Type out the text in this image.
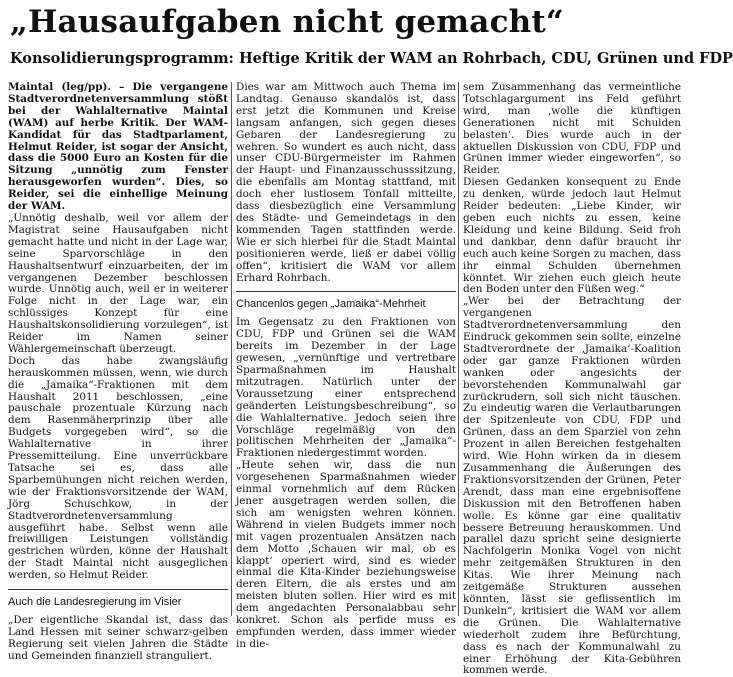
„Hausaufgaben nicht gemacht“
Konsolidierungsprogramm: Heftige Kritik der WAM an Rohrbach, CDU, Grünen und FDP

Maintal (leg/pp). – Die vergangene Stadtverordnetenversammlung stößt bei der Wahlalternative Maintal (WAM) auf herbe Kritik. Der WAM-Kandidat für das Stadtparlament, Helmut Reider, ist sogar der Ansicht, dass die 5000 Euro an Kosten für die Sitzung „unnötig zum Fenster herausgeworfen wurden“. Dies, so Reider, sei die einhellige Meinung der WAM.

„Unnötig deshalb, weil vor allem der Magistrat seine Hausaufgaben nicht gemacht hatte und nicht in der Lage war, seine Sparvorschläge in den Haushaltsentwurf einzuarbeiten, der im vergangenen Dezember beschlossen wurde. Unnötig auch, weil er in weiterer Folge nicht in der Lage war, ein schlüssiges Konzept für eine Haushaltskonsolidierung vorzulegen“, ist Reider im Namen seiner Wählergemeinschaft überzeugt.

Doch das habe zwangsläufig herauskommen müssen, wenn, wie durch die „Jamaika“-Fraktionen mit dem Haushalt 2011 beschlossen, „eine pauschale prozentuale Kürzung nach dem Rasenmäherprinzip über alle Budgets vorgegeben wird“, so die Wahlalternative in ihrer Pressemitteilung. Eine unverrückbare Tatsache sei es, dass alle Sparbemühungen nicht reichen werden, wie der Fraktionsvorsitzende der WAM, Jörg Schuschkow, in der Stadtverordnetenversammlung ausgeführt habe. Selbst wenn alle freiwilligen Leistungen vollständig gestrichen würden, könne der Haushalt der Stadt Maintal nicht ausgeglichen werden, so Helmut Reider.

Auch die Landesregierung im Visier

„Der eigentliche Skandal ist, dass das Land Hessen mit seiner schwarz-gelben Regierung seit vielen Jahren die Städte und Gemeinden finanziell stranguliert.

Dies war am Mittwoch auch Thema im Landtag. Genauso skandalös ist, dass erst jetzt die Kommunen und Kreise langsam anfangen, sich gegen dieses Gebaren der Landesregierung zu wehren. So wundert es auch nicht, dass unser CDU-Bürgermeister im Rahmen der Haupt- und Finanzausschusssitzung, die ebenfalls am Montag stattfand, mit doch eher lustlosem Tonfall mitteilte, dass diesbezüglich eine Versammlung des Städte- und Gemeindetags in den kommenden Tagen stattfinden werde. Wie er sich hierbei für die Stadt Maintal positionieren werde, ließ er dabei völlig offen“, kritisiert die WAM vor allem Erhard Rohrbach.

Chancenlos gegen „Jamaika“-Mehrheit

Im Gegensatz zu den Fraktionen von CDU, FDP und Grünen sei die WAM bereits im Dezember in der Lage gewesen, „vernünftige und vertretbare Sparmaßnahmen im Haushalt mitzutragen. Natürlich unter der Voraussetzung einer entsprechend geänderten Leistungsbeschreibung“, so die Wahlalternative. Jedoch seien ihre Vorschläge regelmäßig von den politischen Mehrheiten der „Jamaika“-Fraktionen niedergestimmt worden.

„Heute sehen wir, dass die nun vorgesehenen Sparmaßnahmen wieder einmal vornehmlich auf dem Rücken jener ausgetragen werden sollen, die sich am wenigsten wehren können. Während in vielen Budgets immer noch mit vagen prozentualen Ansätzen nach dem Motto ‚Schauen wir mal, ob es klappt‘ operiert wird, sind es wieder einmal die Kita-Kinder beziehungsweise deren Eltern, die als erstes und am meisten bluten sollen. Hier wird es mit dem angedachten Personalabbau sehr konkret. Schon als perfide muss es empfunden werden, dass immer wieder in die-

sem Zusammenhang das vermeintliche Totschlagargument ins Feld geführt wird, man ‚wolle die künftigen Generationen nicht mit Schulden belasten‘. Dies wurde auch in der aktuellen Diskussion von CDU, FDP und Grünen immer wieder eingeworfen“, so Reider.

Diesen Gedanken konsequent zu Ende zu denken, würde jedoch laut Helmut Reider bedeuten: „Liebe Kinder, wir geben euch nichts zu essen, keine Kleidung und keine Bildung. Seid froh und dankbar, denn dafür braucht ihr euch auch keine Sorgen zu machen, dass ihr einmal Schulden übernehmen könntet. Wir ziehen euch gleich heute den Boden unter den Füßen weg.“

„Wer bei der Betrachtung der vergangenen Stadtverordnetenversammlung den Eindruck gekommen sein sollte, einzelne Stadtverordnete der ‚Jamaika‘-Koalition oder gar ganze Fraktionen würden wanken oder angesichts der bevorstehenden Kommunalwahl gar zurückrudern, soll sich nicht täuschen. Zu eindeutig waren die Verlautbarungen der Spitzenleute von CDU, FDP und Grünen, dass an dem Sparziel von zehn Prozent in allen Bereichen festgehalten wird. Wie Hohn wirken da in diesem Zusammenhang die Äußerungen des Fraktionsvorsitzenden der Grünen, Peter Arendt, dass man eine ergebnisoffene Diskussion mit den Betroffenen haben wolle. Es könne gar eine qualitativ bessere Betreuung herauskommen. Und parallel dazu spricht seine designierte Nachfolgerin Monika Vogel von nicht mehr zeitgemäßen Strukturen in den Kitas. Wie ihrer Meinung nach zeitgemäße Strukturen aussehen könnten, lässt sie geflissentlich im Dunkeln“, kritisiert die WAM vor allem die Grünen. Die Wahlalternative wiederholt zudem ihre Befürchtung, dass es nach der Kommunalwahl zu einer Erhöhung der Kita-Gebühren kommen werde.
